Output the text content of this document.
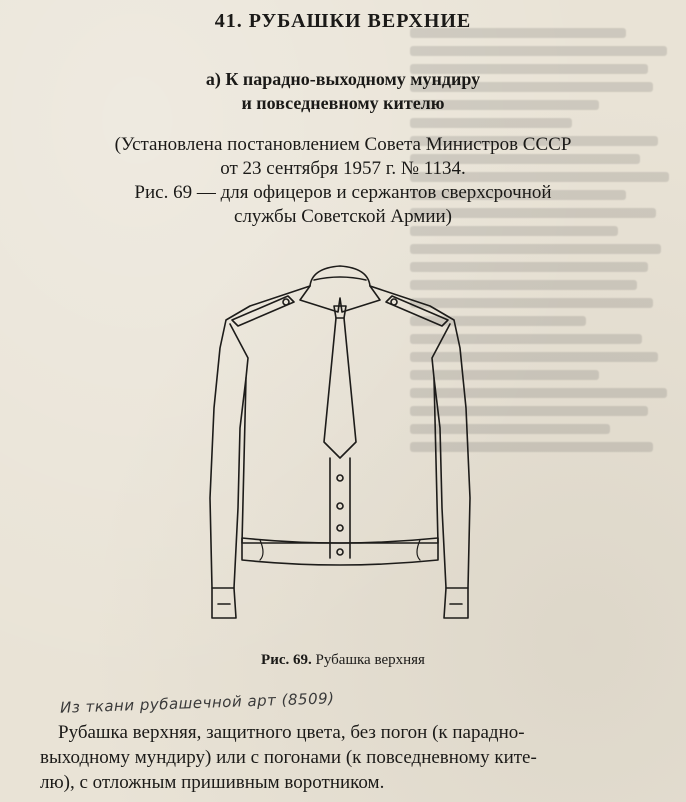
41. РУБАШКИ ВЕРХНИЕ
а) К парадно-выходному мундиру
и повседневному кителю
(Установлена постановлением Совета Министров СССР
от 23 сентября 1957 г. № 1134.
Рис. 69 — для офицеров и сержантов сверхсрочной
службы Советской Армии)
Рис. 69. Рубашка верхняя
Из ткани рубашечной арт (8509)
Рубашка верхняя, защитного цвета, без погон (к парадно-
выходному мундиру) или с погонами (к повседневному ките-
лю), с отложным пришивным воротником.
